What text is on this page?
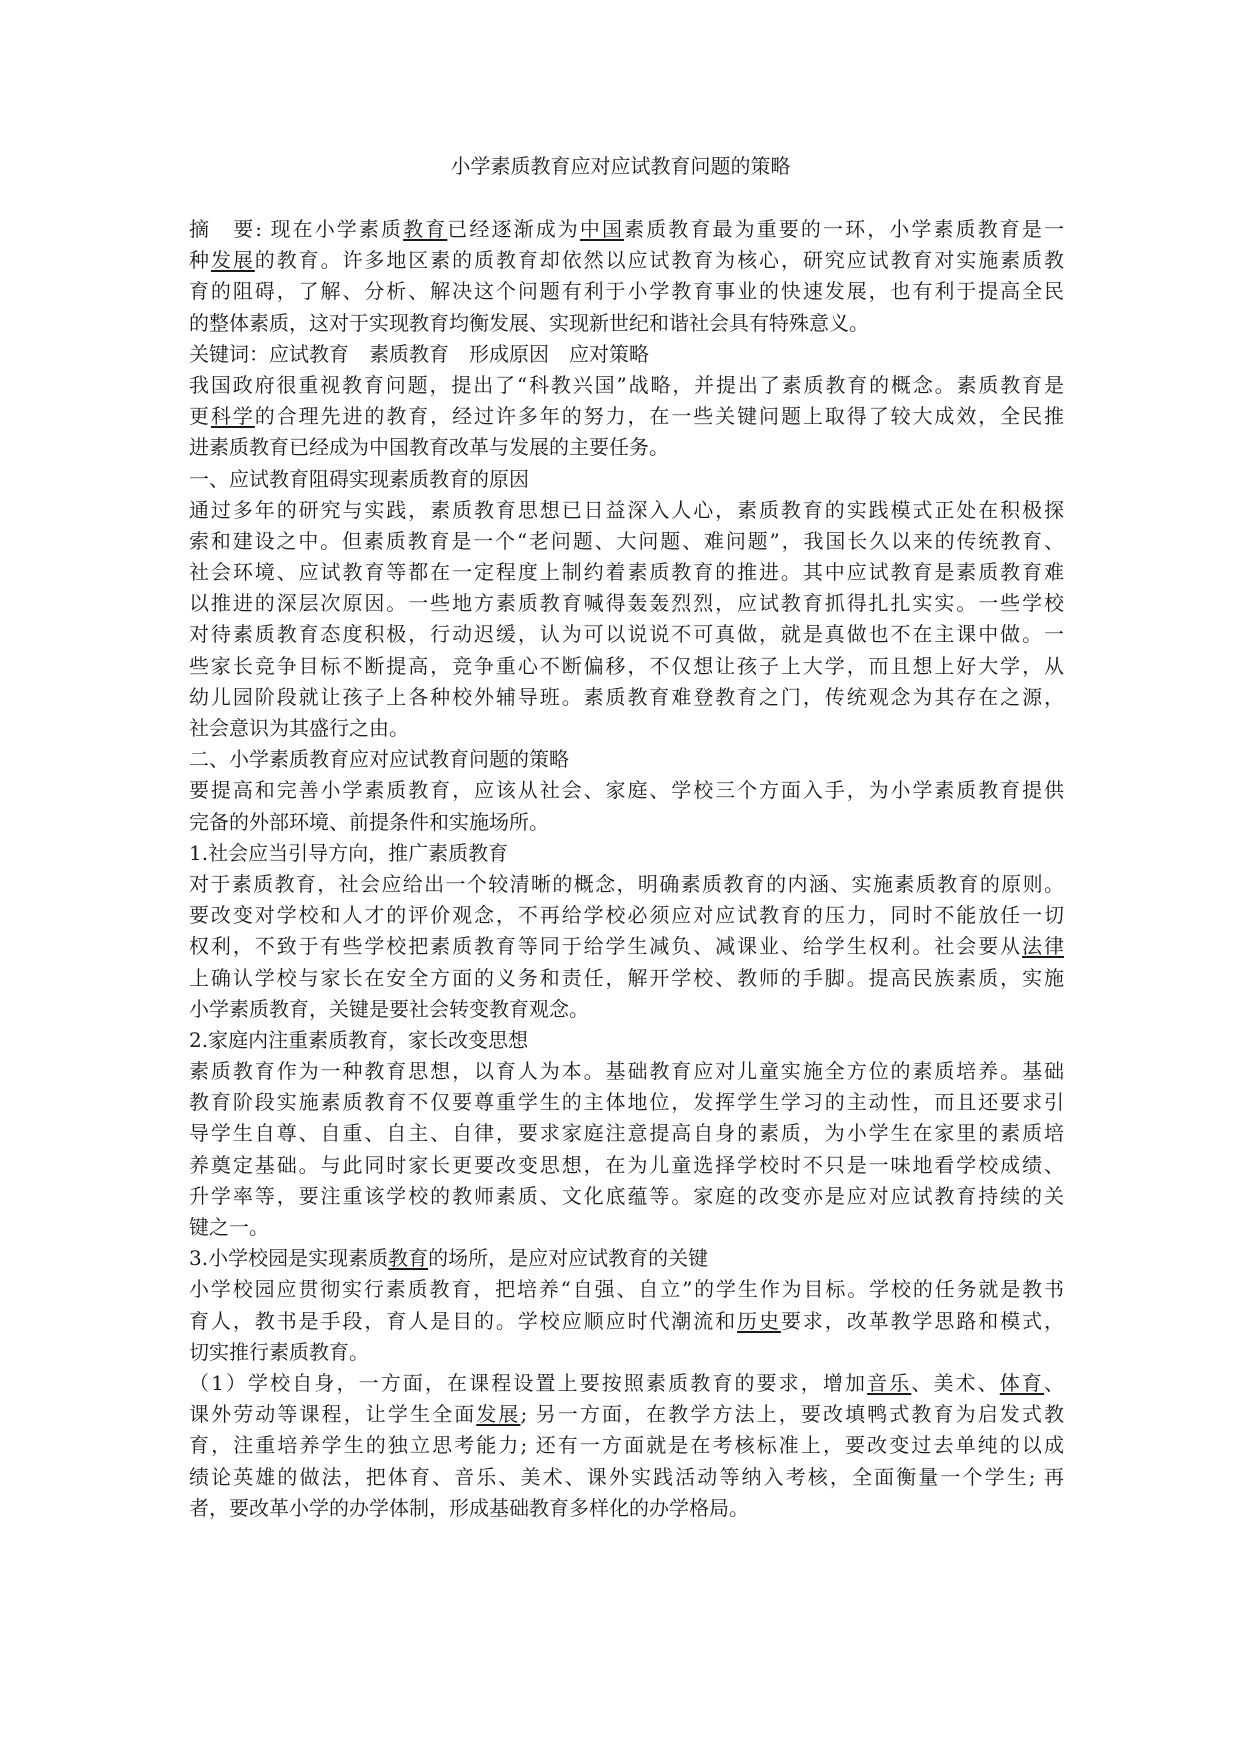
小学素质教育应对应试教育问题的策略
摘　要: 现在小学素质教育已经逐渐成为中国素质教育最为重要的一环，小学素质教育是一
种发展的教育。许多地区素的质教育却依然以应试教育为核心，研究应试教育对实施素质教
育的阻碍，了解、分析、解决这个问题有利于小学教育事业的快速发展，也有利于提高全民
的整体素质，这对于实现教育均衡发展、实现新世纪和谐社会具有特殊意义。
关键词：应试教育　素质教育　形成原因　应对策略
我国政府很重视教育问题，提出了“科教兴国”战略，并提出了素质教育的概念。素质教育是
更科学的合理先进的教育，经过许多年的努力，在一些关键问题上取得了较大成效，全民推
进素质教育已经成为中国教育改革与发展的主要任务。
一、应试教育阻碍实现素质教育的原因
通过多年的研究与实践，素质教育思想已日益深入人心，素质教育的实践模式正处在积极探
索和建设之中。但素质教育是一个“老问题、大问题、难问题”，我国长久以来的传统教育、
社会环境、应试教育等都在一定程度上制约着素质教育的推进。其中应试教育是素质教育难
以推进的深层次原因。一些地方素质教育喊得轰轰烈烈，应试教育抓得扎扎实实。一些学校
对待素质教育态度积极，行动迟缓，认为可以说说不可真做，就是真做也不在主课中做。一
些家长竞争目标不断提高，竞争重心不断偏移，不仅想让孩子上大学，而且想上好大学，从
幼儿园阶段就让孩子上各种校外辅导班。素质教育难登教育之门，传统观念为其存在之源，
社会意识为其盛行之由。
二、小学素质教育应对应试教育问题的策略
要提高和完善小学素质教育，应该从社会、家庭、学校三个方面入手，为小学素质教育提供
完备的外部环境、前提条件和实施场所。
1.社会应当引导方向，推广素质教育
对于素质教育，社会应给出一个较清晰的概念，明确素质教育的内涵、实施素质教育的原则。
要改变对学校和人才的评价观念，不再给学校必须应对应试教育的压力，同时不能放任一切
权利，不致于有些学校把素质教育等同于给学生减负、减课业、给学生权利。社会要从法律
上确认学校与家长在安全方面的义务和责任，解开学校、教师的手脚。提高民族素质，实施
小学素质教育，关键是要社会转变教育观念。
2.家庭内注重素质教育，家长改变思想
素质教育作为一种教育思想，以育人为本。基础教育应对儿童实施全方位的素质培养。基础
教育阶段实施素质教育不仅要尊重学生的主体地位，发挥学生学习的主动性，而且还要求引
导学生自尊、自重、自主、自律，要求家庭注意提高自身的素质，为小学生在家里的素质培
养奠定基础。与此同时家长更要改变思想，在为儿童选择学校时不只是一味地看学校成绩、
升学率等，要注重该学校的教师素质、文化底蕴等。家庭的改变亦是应对应试教育持续的关
键之一。
3.小学校园是实现素质教育的场所，是应对应试教育的关键
小学校园应贯彻实行素质教育，把培养“自强、自立”的学生作为目标。学校的任务就是教书
育人，教书是手段，育人是目的。学校应顺应时代潮流和历史要求，改革教学思路和模式，
切实推行素质教育。
（1）学校自身，一方面，在课程设置上要按照素质教育的要求，增加音乐、美术、体育、
课外劳动等课程，让学生全面发展; 另一方面，在教学方法上，要改填鸭式教育为启发式教
育，注重培养学生的独立思考能力; 还有一方面就是在考核标准上，要改变过去单纯的以成
绩论英雄的做法，把体育、音乐、美术、课外实践活动等纳入考核，全面衡量一个学生; 再
者，要改革小学的办学体制，形成基础教育多样化的办学格局。
